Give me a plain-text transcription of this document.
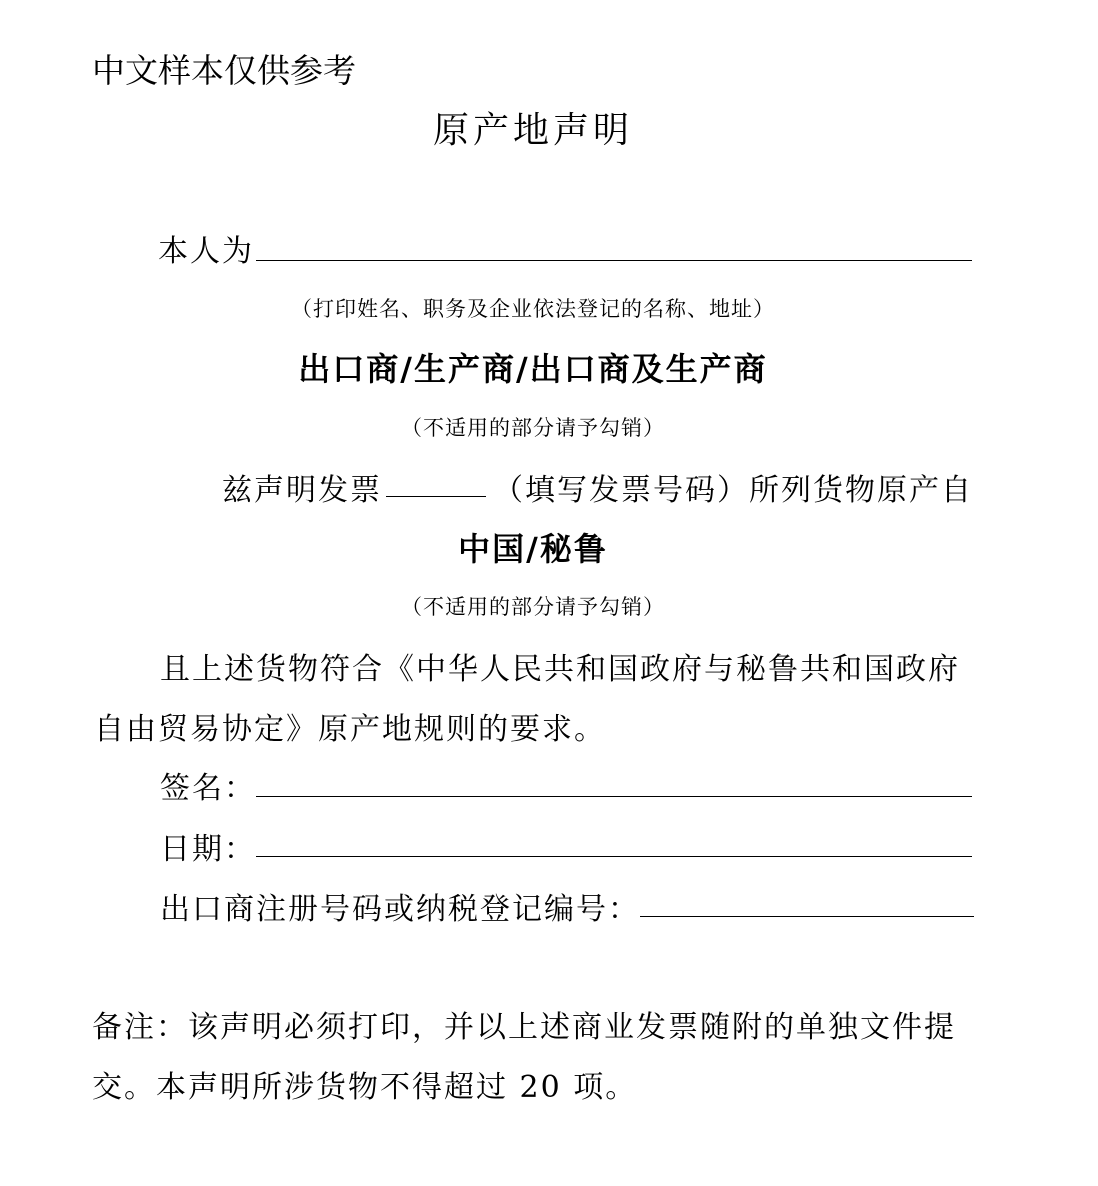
中文样本仅供参考
原产地声明
本人为
（打印姓名、职务及企业依法登记的名称、地址）
出口商/生产商/出口商及生产商
（不适用的部分请予勾销）
兹声明发票	（填写发票号码）所列货物原产自
中国/秘鲁
（不适用的部分请予勾销）
且上述货物符合《中华人民共和国政府与秘鲁共和国政府
自由贸易协定》原产地规则的要求。
签名：
日期：
出口商注册号码或纳税登记编号：
备注：该声明必须打印，并以上述商业发票随附的单独文件提
交。本声明所涉货物不得超过 20 项。
